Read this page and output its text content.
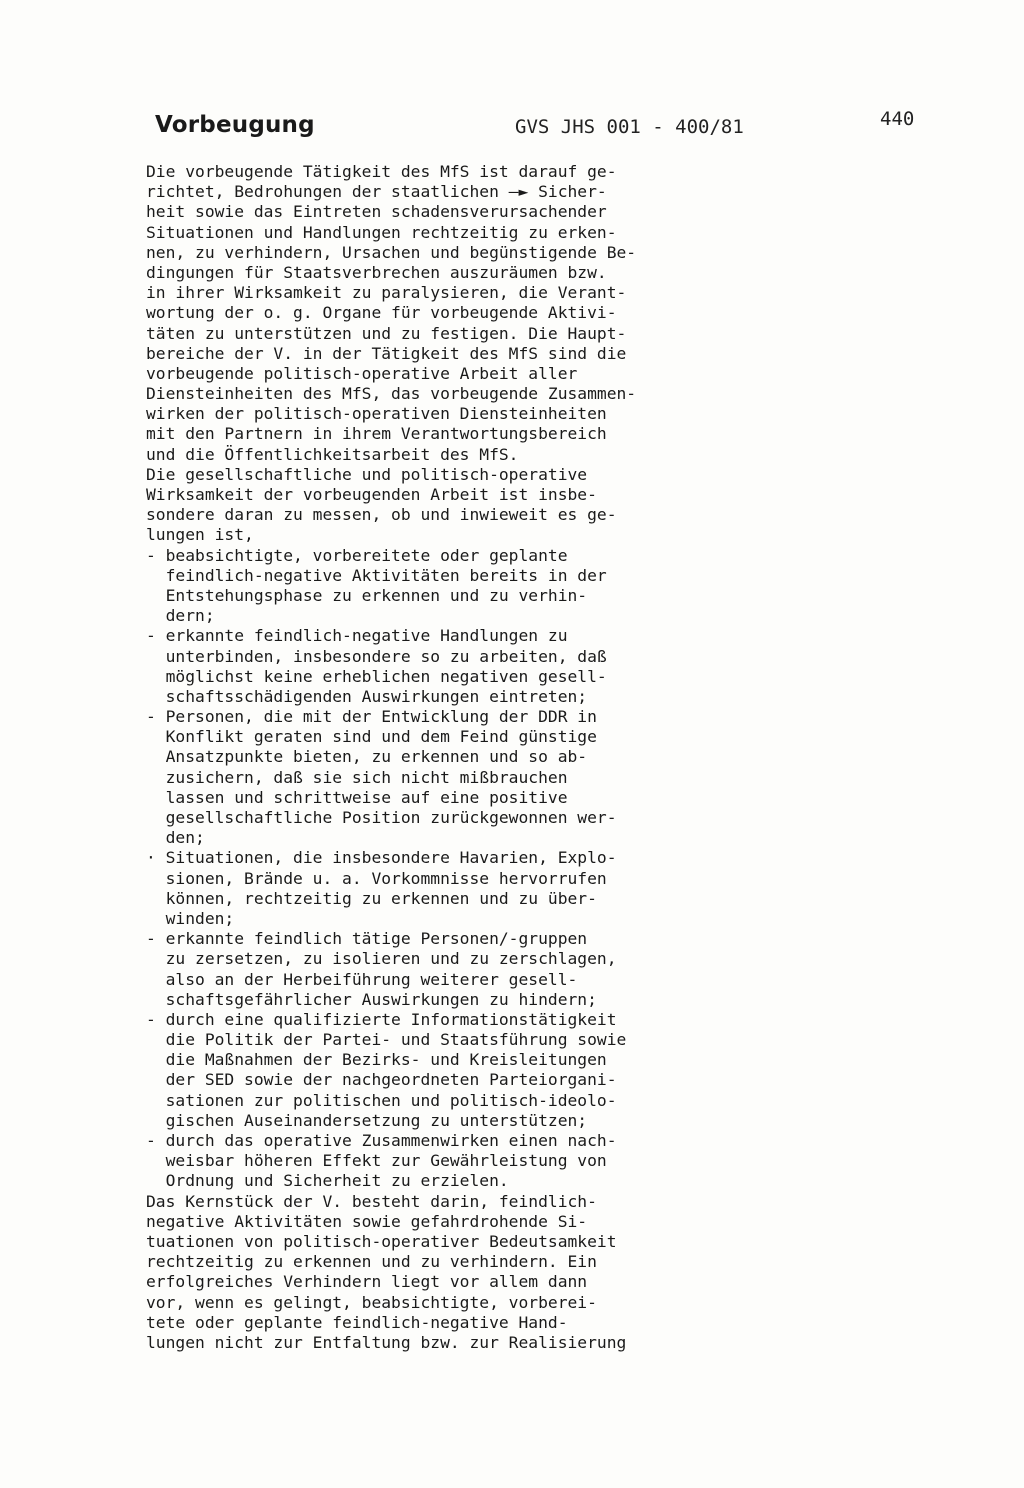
Vorbeugung	GVS JHS 001 - 400/81	440
Die vorbeugende Tätigkeit des MfS ist darauf ge-
richtet, Bedrohungen der staatlichen —► Sicher-
heit sowie das Eintreten schadensverursachender
Situationen und Handlungen rechtzeitig zu erken-
nen, zu verhindern, Ursachen und begünstigende Be-
dingungen für Staatsverbrechen auszuräumen bzw.
in ihrer Wirksamkeit zu paralysieren, die Verant-
wortung der o. g. Organe für vorbeugende Aktivi-
täten zu unterstützen und zu festigen. Die Haupt-
bereiche der V. in der Tätigkeit des MfS sind die
vorbeugende politisch-operative Arbeit aller
Diensteinheiten des MfS, das vorbeugende Zusammen-
wirken der politisch-operativen Diensteinheiten
mit den Partnern in ihrem Verantwortungsbereich
und die Öffentlichkeitsarbeit des MfS.
Die gesellschaftliche und politisch-operative
Wirksamkeit der vorbeugenden Arbeit ist insbe-
sondere daran zu messen, ob und inwieweit es ge-
lungen ist,
- beabsichtigte, vorbereitete oder geplante
feindlich-negative Aktivitäten bereits in der
Entstehungsphase zu erkennen und zu verhin-
dern;
- erkannte feindlich-negative Handlungen zu
unterbinden, insbesondere so zu arbeiten, daß
möglichst keine erheblichen negativen gesell-
schaftsschädigenden Auswirkungen eintreten;
- Personen, die mit der Entwicklung der DDR in
Konflikt geraten sind und dem Feind günstige
Ansatzpunkte bieten, zu erkennen und so ab-
zusichern, daß sie sich nicht mißbrauchen
lassen und schrittweise auf eine positive
gesellschaftliche Position zurückgewonnen wer-
den;
· Situationen, die insbesondere Havarien, Explo-
sionen, Brände u. a. Vorkommnisse hervorrufen
können, rechtzeitig zu erkennen und zu über-
winden;
- erkannte feindlich tätige Personen/-gruppen
zu zersetzen, zu isolieren und zu zerschlagen,
also an der Herbeiführung weiterer gesell-
schaftsgefährlicher Auswirkungen zu hindern;
- durch eine qualifizierte Informationstätigkeit
die Politik der Partei- und Staatsführung sowie
die Maßnahmen der Bezirks- und Kreisleitungen
der SED sowie der nachgeordneten Parteiorgani-
sationen zur politischen und politisch-ideolo-
gischen Auseinandersetzung zu unterstützen;
- durch das operative Zusammenwirken einen nach-
weisbar höheren Effekt zur Gewährleistung von
Ordnung und Sicherheit zu erzielen.
Das Kernstück der V. besteht darin, feindlich-
negative Aktivitäten sowie gefahrdrohende Si-
tuationen von politisch-operativer Bedeutsamkeit
rechtzeitig zu erkennen und zu verhindern. Ein
erfolgreiches Verhindern liegt vor allem dann
vor, wenn es gelingt, beabsichtigte, vorberei-
tete oder geplante feindlich-negative Hand-
lungen nicht zur Entfaltung bzw. zur Realisierung
